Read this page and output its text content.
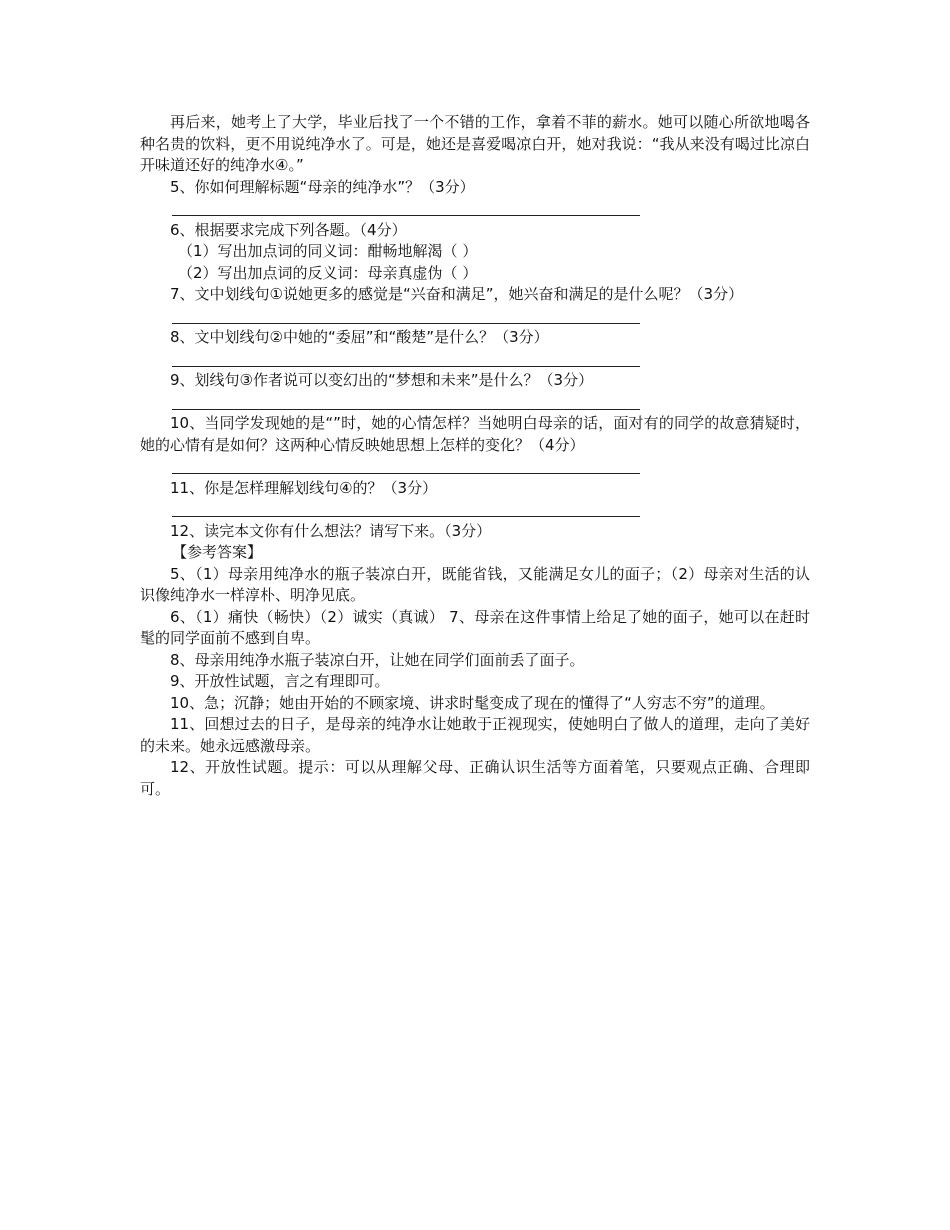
再后来，她考上了大学，毕业后找了一个不错的工作，拿着不菲的薪水。她可以随心所欲地喝各种名贵的饮料，更不用说纯净水了。可是，她还是喜爱喝凉白开，她对我说：“我从来没有喝过比凉白开味道还好的纯净水④。”

5、你如何理解标题“母亲的纯净水”？（3分）

6、根据要求完成下列各题。（4分）

（1）写出加点词的同义词：酣畅地解渴（ ）

（2）写出加点词的反义词：母亲真虚伪（ ）

7、文中划线句①说她更多的感觉是“兴奋和满足”，她兴奋和满足的是什么呢？（3分）

8、文中划线句②中她的“委屈”和“酸楚”是什么？（3分）

9、划线句③作者说可以变幻出的“梦想和未来”是什么？（3分）

10、当同学发现她的是“”时，她的心情怎样？当她明白母亲的话，面对有的同学的故意猜疑时，她的心情有是如何？这两种心情反映她思想上怎样的变化？（4分）

11、你是怎样理解划线句④的？（3分）

12、读完本文你有什么想法？请写下来。（3分）

【参考答案】

5、（1）母亲用纯净水的瓶子装凉白开，既能省钱，又能满足女儿的面子；（2）母亲对生活的认识像纯净水一样淳朴、明净见底。

6、（1）痛快（畅快）（2）诚实（真诚） 7、母亲在这件事情上给足了她的面子，她可以在赶时髦的同学面前不感到自卑。

8、母亲用纯净水瓶子装凉白开，让她在同学们面前丢了面子。

9、开放性试题，言之有理即可。

10、急；沉静；她由开始的不顾家境、讲求时髦变成了现在的懂得了“人穷志不穷”的道理。

11、回想过去的日子，是母亲的纯净水让她敢于正视现实，使她明白了做人的道理，走向了美好的未来。她永远感激母亲。

12、开放性试题。提示：可以从理解父母、正确认识生活等方面着笔，只要观点正确、合理即可。
